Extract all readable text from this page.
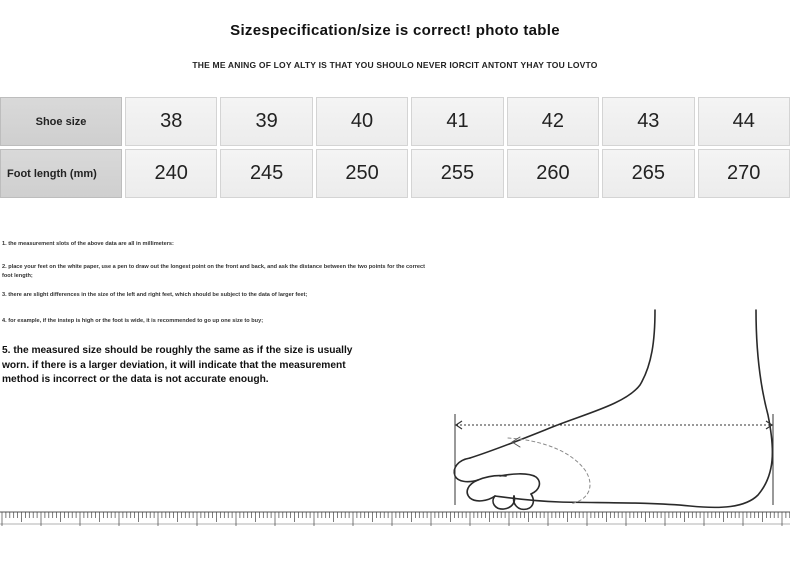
Sizespecification/size is correct! photo table
THE ME ANING OF LOY ALTY IS THAT YOU SHOULO NEVER IORCIT ANTONT YHAY TOU LOVTO
Shoe size	38	39	40	41	42	43	44
Foot length (mm)	240	245	250	255	260	265	270
1. the measurement slots of the above data are all in millimeters:
2. place your feet on the white paper, use a pen to draw out the longest point on the front and back, and ask the distance between the two points for the correct foot length;
3. there are slight differences in the size of the left and right feet, which should be subject to the data of larger feet;
4. for example, if the instep is high or the foot is wide, it is recommended to go up one size to buy;
5. the measured size should be roughly the same as if the size is usually worn. if there is a larger deviation, it will indicate that the measurement method is incorrect or the data is not accurate enough.
